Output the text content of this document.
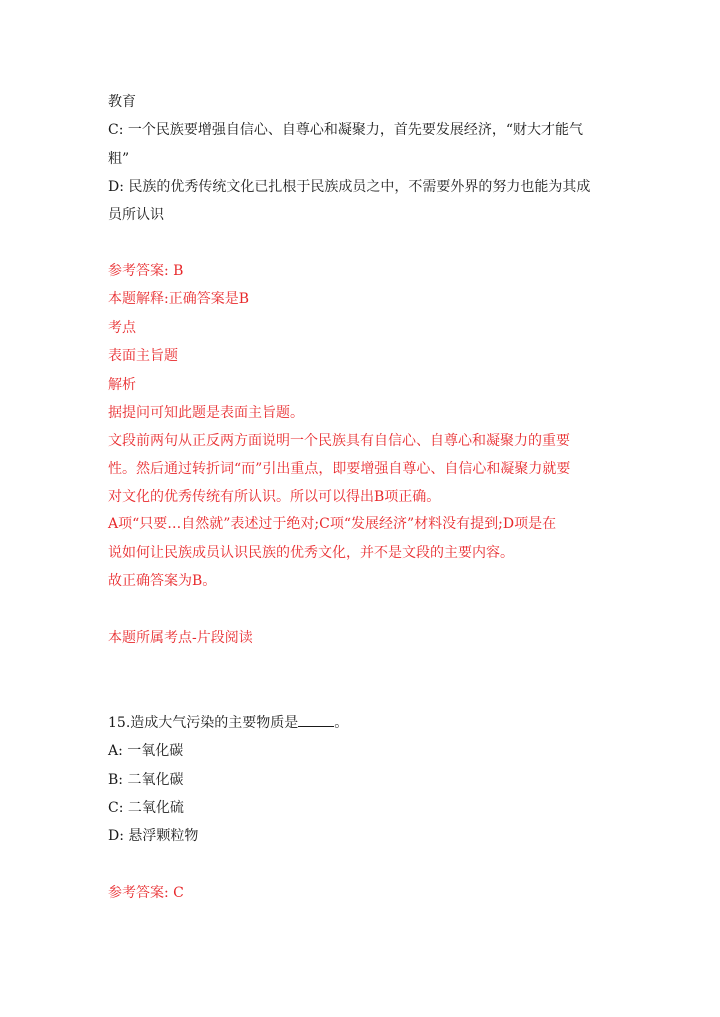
教育
C: 一个民族要增强自信心、自尊心和凝聚力，首先要发展经济，“财大才能气
粗”
D: 民族的优秀传统文化已扎根于民族成员之中，不需要外界的努力也能为其成
员所认识
参考答案: B
本题解释:正确答案是B
考点
表面主旨题
解析
据提问可知此题是表面主旨题。
文段前两句从正反两方面说明一个民族具有自信心、自尊心和凝聚力的重要
性。然后通过转折词“而”引出重点，即要增强自尊心、自信心和凝聚力就要
对文化的优秀传统有所认识。所以可以得出B项正确。
A项“只要…自然就”表述过于绝对;C项“发展经济”材料没有提到;D项是在
说如何让民族成员认识民族的优秀文化，并不是文段的主要内容。
故正确答案为B。
本题所属考点-片段阅读
15.造成大气污染的主要物质是	。
A: 一氧化碳
B: 二氧化碳
C: 二氧化硫
D: 悬浮颗粒物
参考答案: C
